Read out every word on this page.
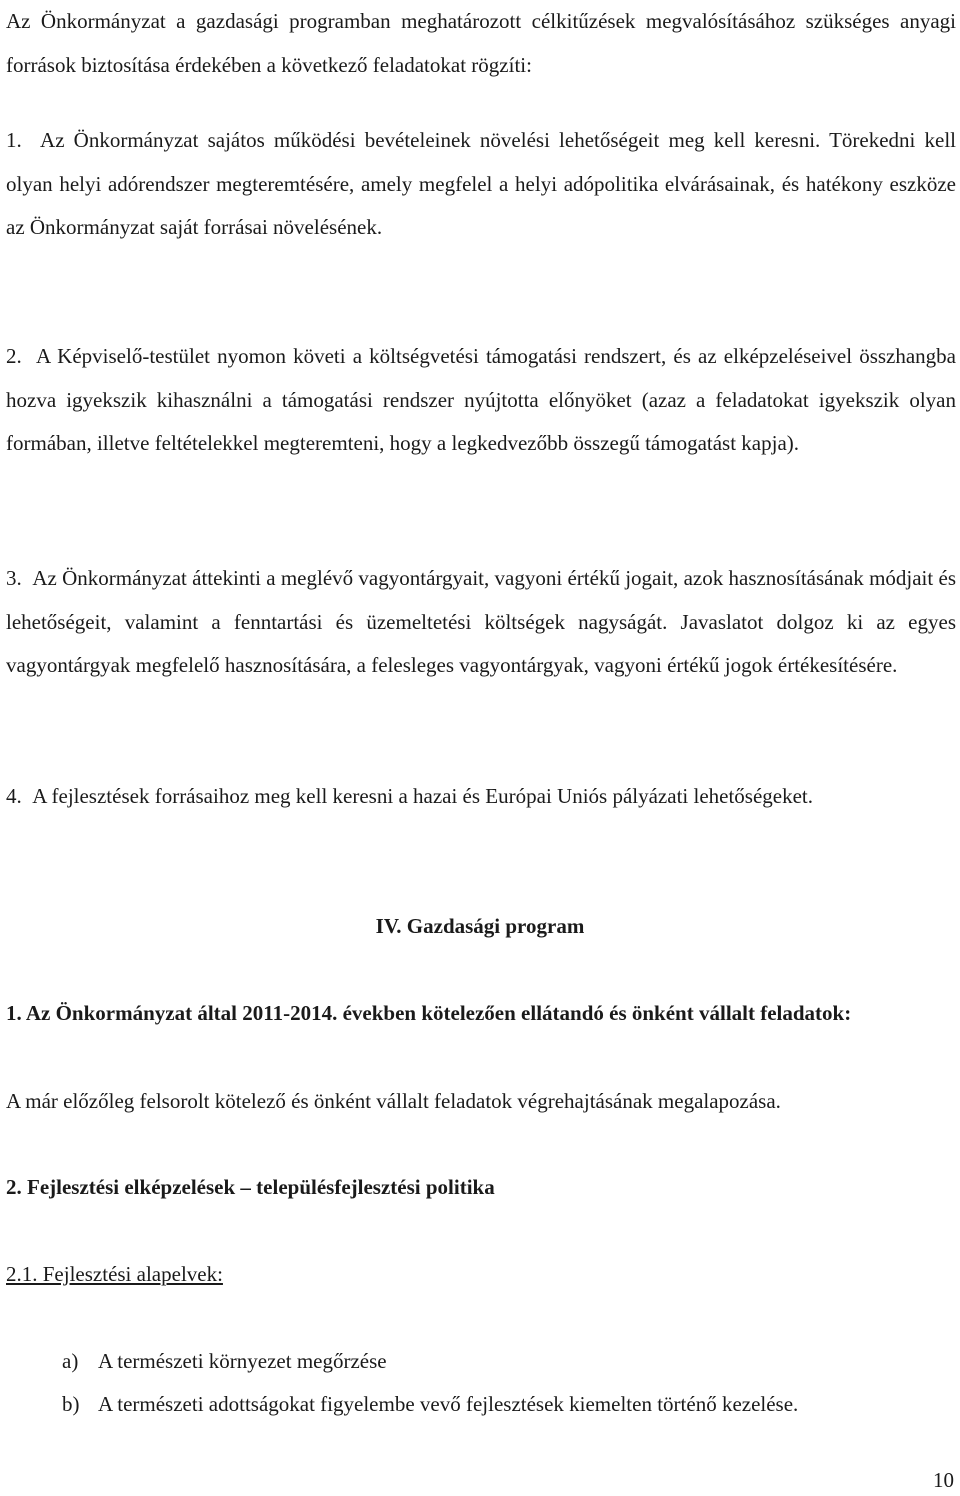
Az Önkormányzat a gazdasági programban meghatározott célkitűzések megvalósításához szükséges anyagi források biztosítása érdekében a következő feladatokat rögzíti:
1. Az Önkormányzat sajátos működési bevételeinek növelési lehetőségeit meg kell keresni. Törekedni kell olyan helyi adórendszer megteremtésére, amely megfelel a helyi adópolitika elvárásainak, és hatékony eszköze az Önkormányzat saját forrásai növelésének.
2. A Képviselő-testület nyomon követi a költségvetési támogatási rendszert, és az elképzeléseivel összhangba hozva igyekszik kihasználni a támogatási rendszer nyújtotta előnyöket (azaz a feladatokat igyekszik olyan formában, illetve feltételekkel megteremteni, hogy a legkedvezőbb összegű támogatást kapja).
3. Az Önkormányzat áttekinti a meglévő vagyontárgyait, vagyoni értékű jogait, azok hasznosításának módjait és lehetőségeit, valamint a fenntartási és üzemeltetési költségek nagyságát. Javaslatot dolgoz ki az egyes vagyontárgyak megfelelő hasznosítására, a felesleges vagyontárgyak, vagyoni értékű jogok értékesítésére.
4. A fejlesztések forrásaihoz meg kell keresni a hazai és Európai Uniós pályázati lehetőségeket.
IV. Gazdasági program
1. Az Önkormányzat által 2011-2014. években kötelezően ellátandó és önként vállalt feladatok:
A már előzőleg felsorolt kötelező és önként vállalt feladatok végrehajtásának megalapozása.
2. Fejlesztési elképzelések – településfejlesztési politika
2.1. Fejlesztési alapelvek:
a) A természeti környezet megőrzése
b) A természeti adottságokat figyelembe vevő fejlesztések kiemelten történő kezelése.
10
